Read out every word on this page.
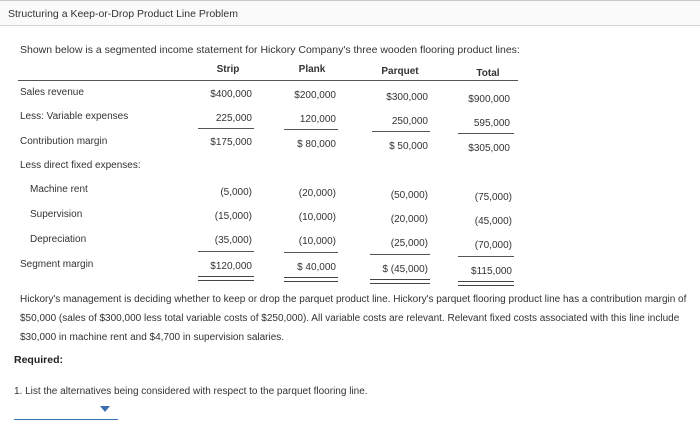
Structuring a Keep-or-Drop Product Line Problem
Shown below is a segmented income statement for Hickory Company's three wooden flooring product lines:
Strip	Plank	Parquet	Total
Sales revenue	$400,000	$200,000	$300,000	$900,000
Less: Variable expenses	225,000	120,000	250,000	595,000
Contribution margin	$175,000	$ 80,000	$ 50,000	$305,000
Less direct fixed expenses:
Machine rent	(5,000)	(20,000)	(50,000)	(75,000)
Supervision	(15,000)	(10,000)	(20,000)	(45,000)
Depreciation	(35,000)	(10,000)	(25,000)	(70,000)
Segment margin	$120,000	$ 40,000	$ (45,000)	$115,000
Hickory's management is deciding whether to keep or drop the parquet product line. Hickory's parquet flooring product line has a contribution margin of $50,000 (sales of $300,000 less total variable costs of $250,000). All variable costs are relevant. Relevant fixed costs associated with this line include $30,000 in machine rent and $4,700 in supervision salaries.
Required:
1. List the alternatives being considered with respect to the parquet flooring line.
